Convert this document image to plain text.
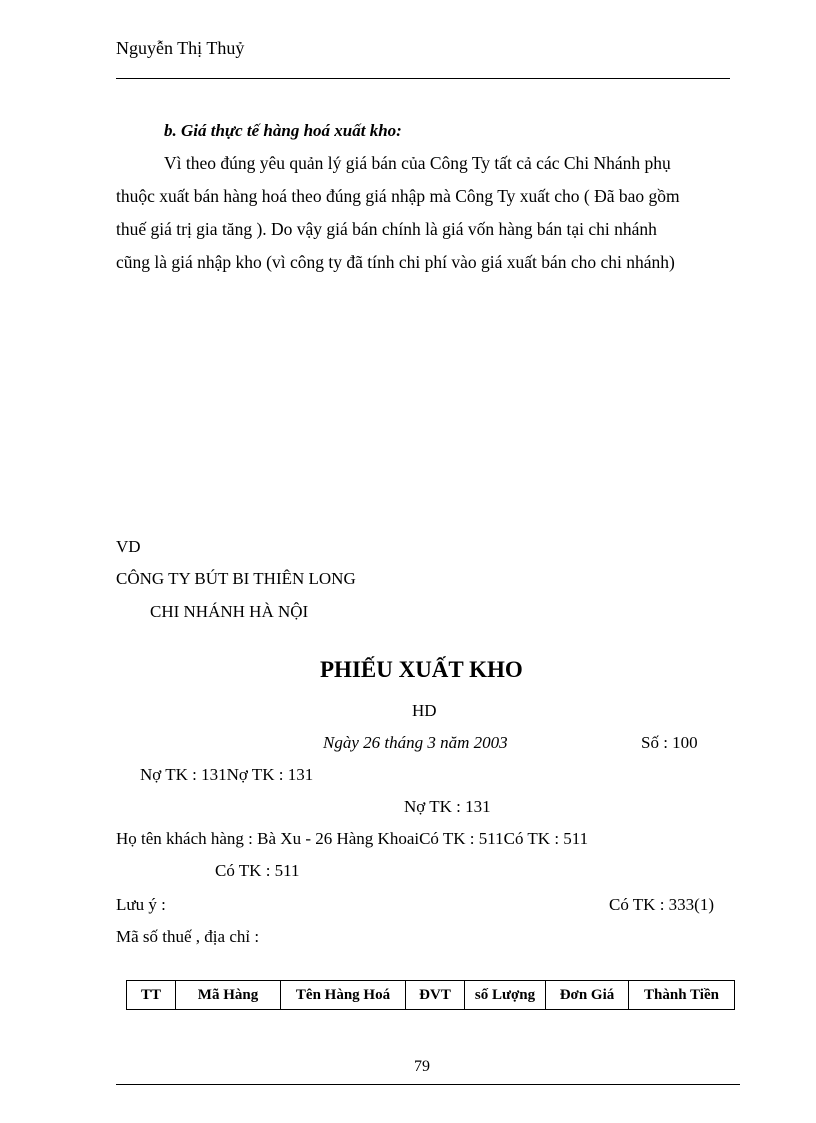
Nguyễn Thị Thuỷ
b. Giá thực tế hàng hoá xuất kho:
Vì theo đúng yêu quản lý giá bán của Công Ty tất cả các Chi Nhánh phụ
thuộc xuất bán hàng hoá theo đúng giá nhập mà Công Ty xuất cho ( Đã bao gồm
thuế giá trị gia tăng ). Do vậy giá bán chính là giá vốn hàng bán tại chi nhánh
cũng là giá nhập kho (vì công ty đã tính chi phí vào giá xuất bán cho chi nhánh)
VD
CÔNG TY BÚT BI THIÊN LONG
CHI NHÁNH HÀ NỘI
PHIẾU XUẤT KHO
HD
Ngày 26 tháng 3 năm 2003	Số : 100
Nợ TK : 131Nợ TK : 131
Nợ TK : 131
Họ tên khách hàng : Bà Xu - 26 Hàng KhoaiCó TK : 511Có TK : 511
Có TK : 511
Lưu ý :	Có TK : 333(1)
Mã số thuế , địa chỉ :
TT	Mã Hàng	Tên Hàng Hoá	ĐVT	số Lượng	Đơn Giá	Thành Tiền
79
